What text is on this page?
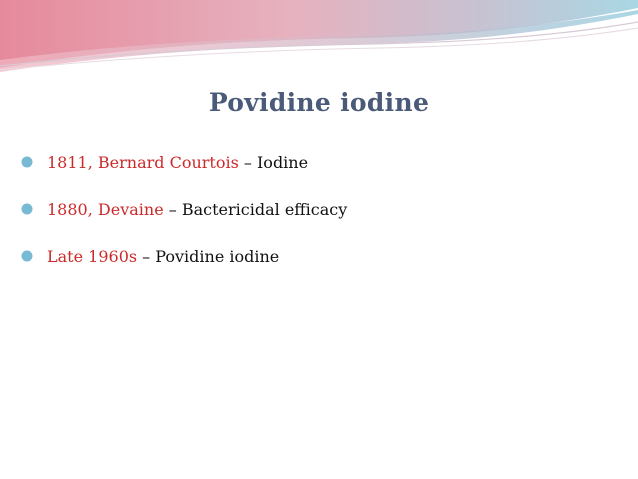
Povidine iodine
1811, Bernard Courtois – Iodine
1880, Devaine – Bactericidal efficacy
Late 1960s – Povidine iodine
